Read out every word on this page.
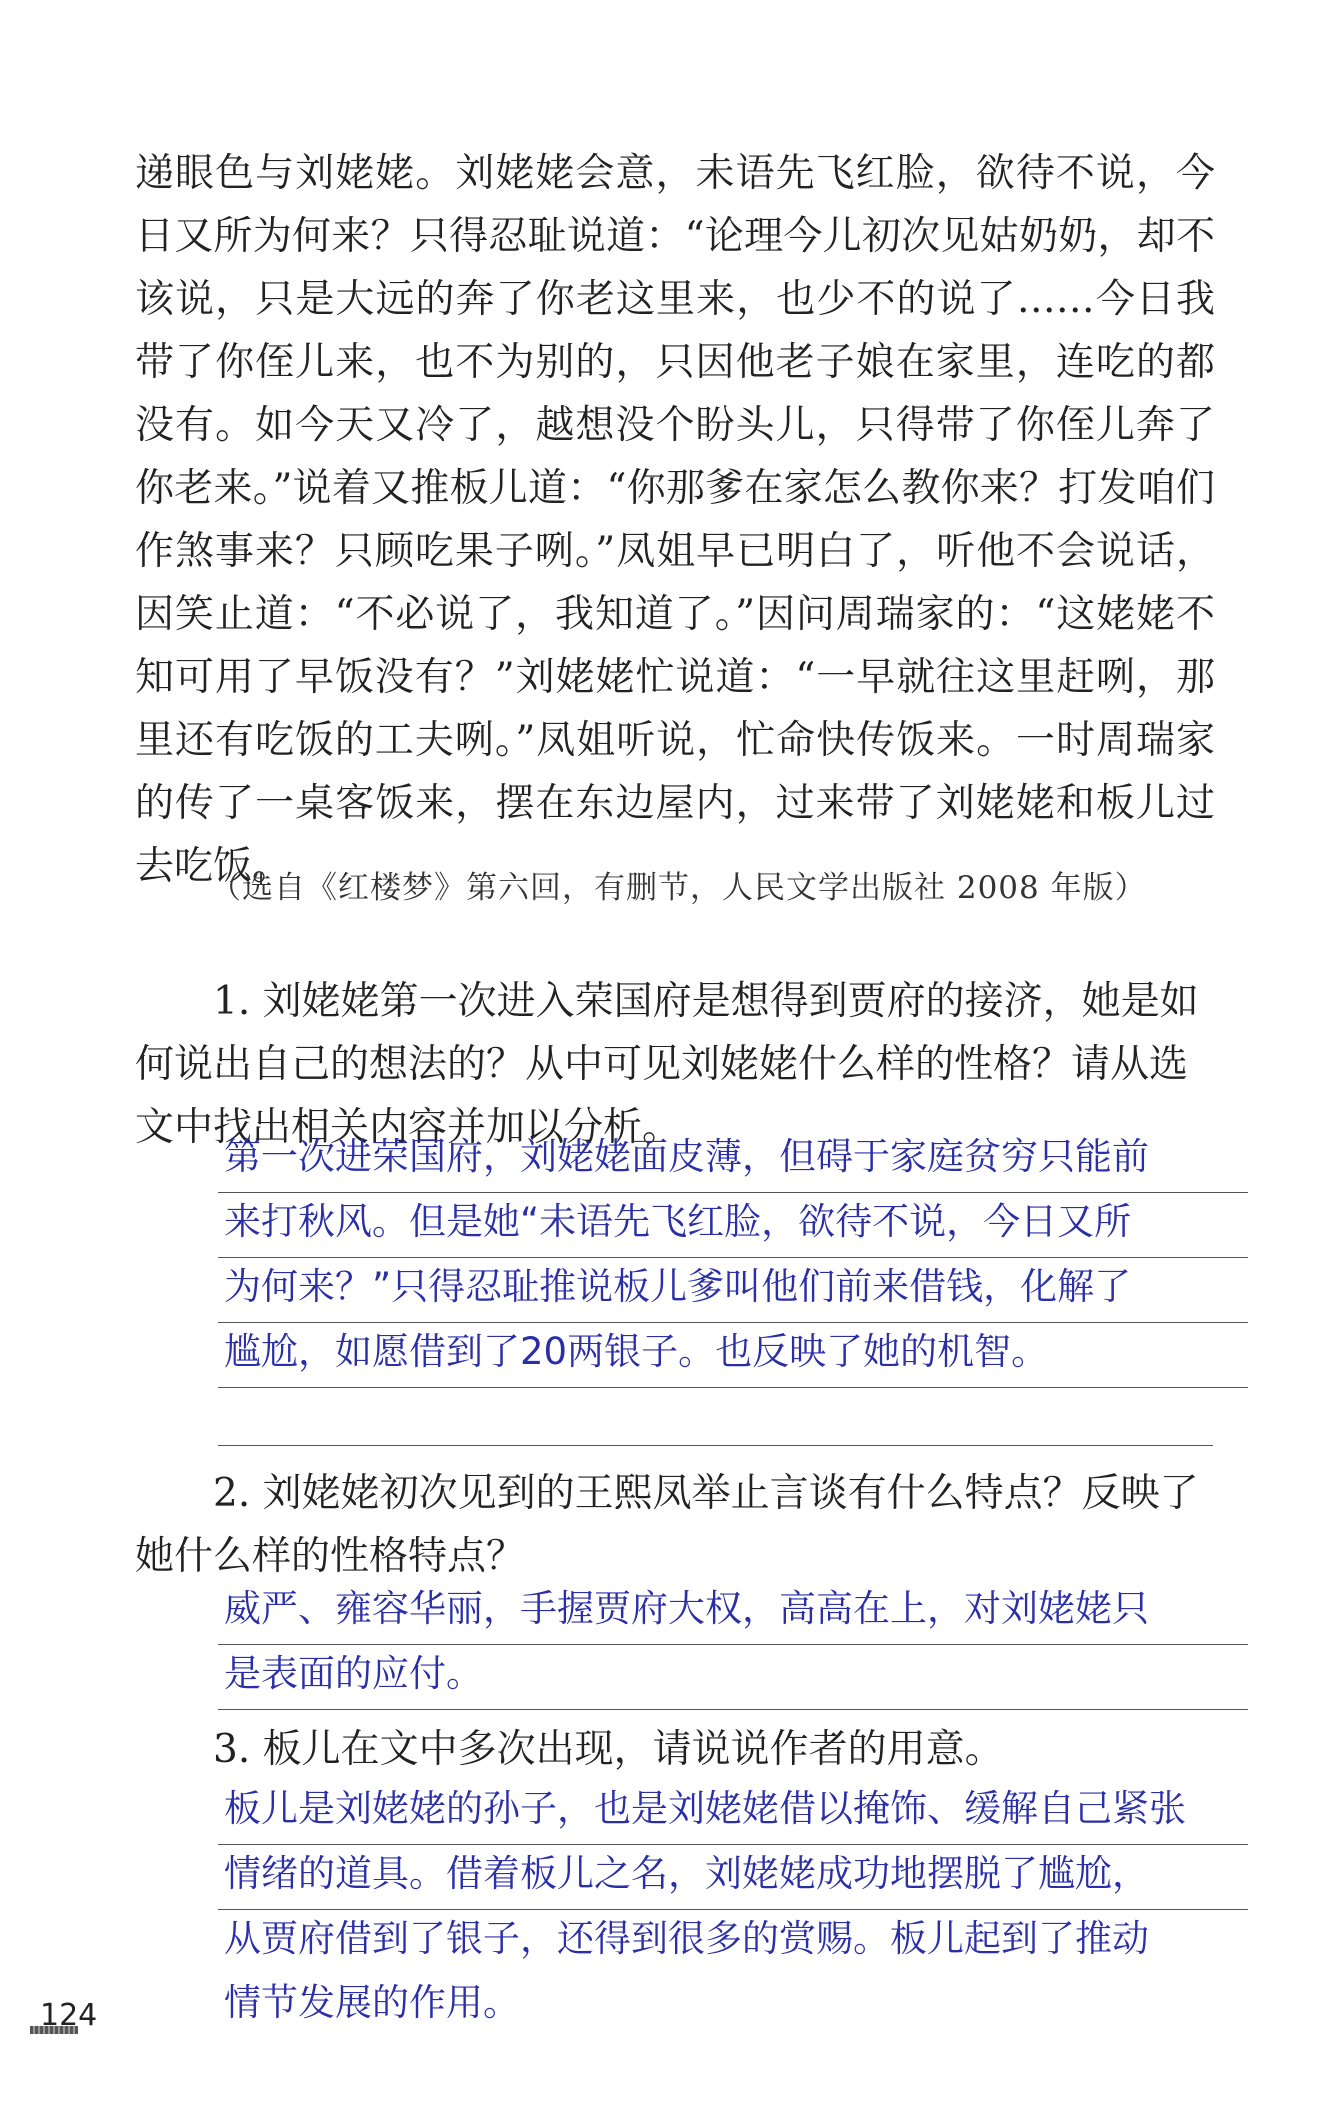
递眼色与刘姥姥。刘姥姥会意，未语先飞红脸，欲待不说，今日又所为何来？只得忍耻说道：“论理今儿初次见姑奶奶，却不该说，只是大远的奔了你老这里来，也少不的说了……今日我带了你侄儿来，也不为别的，只因他老子娘在家里，连吃的都没有。如今天又冷了，越想没个盼头儿，只得带了你侄儿奔了你老来。”说着又推板儿道：“你那爹在家怎么教你来？打发咱们作煞事来？只顾吃果子咧。”凤姐早已明白了，听他不会说话，因笑止道：“不必说了，我知道了。”因问周瑞家的：“这姥姥不知可用了早饭没有？”刘姥姥忙说道：“一早就往这里赶咧，那里还有吃饭的工夫咧。”凤姐听说，忙命快传饭来。一时周瑞家的传了一桌客饭来，摆在东边屋内，过来带了刘姥姥和板儿过去吃饭。

（选自《红楼梦》第六回，有删节，人民文学出版社 2008 年版）

1. 刘姥姥第一次进入荣国府是想得到贾府的接济，她是如何说出自己的想法的？从中可见刘姥姥什么样的性格？请从选文中找出相关内容并加以分析。

第一次进荣国府，刘姥姥面皮薄，但碍于家庭贫穷只能前
来打秋风。但是她“未语先飞红脸，欲待不说，今日又所
为何来？”只得忍耻推说板儿爹叫他们前来借钱，化解了
尴尬，如愿借到了20两银子。也反映了她的机智。

2. 刘姥姥初次见到的王熙凤举止言谈有什么特点？反映了她什么样的性格特点？

威严、雍容华丽，手握贾府大权，高高在上，对刘姥姥只
是表面的应付。

3. 板儿在文中多次出现，请说说作者的用意。

板儿是刘姥姥的孙子，也是刘姥姥借以掩饰、缓解自己紧张
情绪的道具。借着板儿之名，刘姥姥成功地摆脱了尴尬，
从贾府借到了银子，还得到很多的赏赐。板儿起到了推动
情节发展的作用。
124
